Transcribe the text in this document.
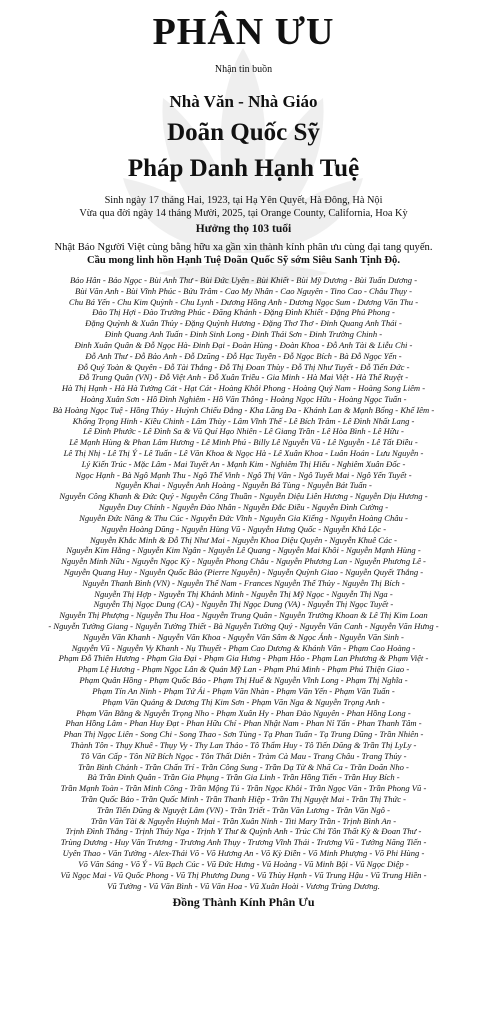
PHÂN ƯU
Nhận tin buồn
Nhà Văn - Nhà Giáo
Doãn Quốc Sỹ
Pháp Danh Hạnh Tuệ
Sinh ngày 17 tháng Hai, 1923, tại Hạ Yên Quyết, Hà Đông, Hà Nội
Vừa qua đời ngày 14 tháng Mười, 2025, tại Orange County, California, Hoa Kỳ
Hưởng thọ 103 tuổi
Nhật Báo Người Việt cùng bằng hữu xa gần xin thành kính phân ưu cùng đại tang quyến.
Cầu mong linh hồn Hạnh Tuệ Doãn Quốc Sỹ sớm Siêu Sanh Tịnh Độ.
Bảo Hân - Bảo Ngọc - Bùi Anh Thư - Bùi Đức Uyên - Bùi Khiết - Bùi Mỹ Dương - Bùi Tuấn Dương -
Bùi Văn Anh - Bùi Vĩnh Phúc - Bửu Trâm - Cao My Nhân - Cao Nguyên - Tino Cao - Châu Thụy -
Chu Bá Yến - Chu Kim Quỳnh - Chu Lynh - Dương Hồng Anh - Dương Ngọc Sum - Dương Văn Thu -
Đào Thị Hợi - Đào Trường Phúc - Đăng Khánh - Đặng Đình Khiết - Đặng Phú Phong -
Đặng Quỳnh & Xuân Thủy - Đặng Quỳnh Hương - Đặng Thơ Thơ - Đinh Quang Anh Thái -
Đinh Quang Anh Tuấn - Đinh Sinh Long - Đinh Thái Sơn - Đinh Trường Chinh -
Đinh Xuân Quân & Đỗ Ngọc Hà- Đinh Đại - Đoàn Hùng - Đoàn Khoa - Đỗ Anh Tài & Liễu Chi -
Đỗ Anh Thư - Đỗ Bảo Anh - Đỗ Dzũng - Đỗ Hạc Tuyền - Đỗ Ngọc Bích - Bà Đỗ Ngọc Yến -
Đỗ Quý Toàn & Quyên - Đỗ Tài Thắng - Đỗ Thị Đoan Thùy - Đỗ Thị Như Tuyết - Đỗ Tiến Đức -
Đỗ Trung Quân (VN) - Đỗ Việt Anh - Đỗ Xuân Triều - Gia Minh - Hà Mai Việt - Hà Thế Ruyệt -
Hà Thị Hạnh - Hà Hà Tường Cát - Hạt Cát - Hoàng Khôi Phong - Hoàng Quý Nam - Hoàng Song Liêm -
Hoàng Xuân Sơn - Hồ Đình Nghiêm - Hồ Văn Thông - Hoàng Ngọc Hữu - Hoàng Ngọc Tuấn -
Bà Hoàng Ngọc Tuệ - Hồng Thủy - Huỳnh Chiếu Đẳng - Kha Lăng Đa - Khánh Lan & Mạnh Bổng - Khế Iêm -
Khổng Trọng Hinh - Kiều Chinh - Lâm Thùy - Lâm Vĩnh Thế - Lê Bích Trâm - Lê Đình Nhất Lang -
Lê Đình Phước - Lê Đình Sa & Vũ Quí Hạo Nhiên - Lê Giang Trần - Lê Hòa Bình - Lê Hữu -
Lê Mạnh Hùng & Phan Lâm Hương - Lê Minh Phú - Billy Lê Nguyễn Vũ - Lê Nguyễn - Lê Tất Điều -
Lê Thị Nhị - Lê Thị Ý - Lê Tuấn - Lê Văn Khoa & Ngọc Hà - Lê Xuân Khoa - Luân Hoán - Lưu Nguyễn -
Lý Kiến Trúc - Mặc Lâm - Mai Tuyết An - Mạnh Kim - Nghiêm Thị Hiếu - Nghiêm Xuân Đốc -
Ngọc Hạnh - Bà Ngô Mạnh Thu - Ngô Thế Vinh - Ngô Thị Vân - Ngô Tuyết Mai - Ngô Yến Tuyết -
Nguyễn Khai - Nguyễn Anh Hoàng - Nguyễn Bá Tùng - Nguyễn Bát Tuấn -
Nguyễn Công Khanh & Đức Quý - Nguyễn Công Thuần - Nguyễn Diệu Liên Hương - Nguyễn Dịu Hương -
Nguyễn Duy Chính - Nguyễn Đào Nhân - Nguyễn Đắc Điều - Nguyễn Đình Cường -
Nguyễn Đức Năng & Thu Cúc - Nguyễn Đức Vĩnh - Nguyễn Gia Kiểng - Nguyễn Hoàng Châu -
Nguyễn Hoàng Dũng - Nguyễn Hùng Vũ - Nguyễn Hưng Quốc - Nguyễn Khả Lộc -
Nguyễn Khắc Minh & Đỗ Thị Như Mai - Nguyễn Khoa Diệu Quyên - Nguyễn Khuê Các -
Nguyễn Kim Hằng - Nguyễn Kim Ngân - Nguyễn Lê Quang - Nguyễn Mai Khôi - Nguyễn Mạnh Hùng -
Nguyễn Minh Nữu - Nguyễn Ngọc Kỳ - Nguyễn Phong Châu - Nguyễn Phương Lan - Nguyễn Phương Lê -
Nguyễn Quang Huy - Nguyễn Quốc Bảo (Pierre Nguyễn) - Nguyễn Quỳnh Giao - Nguyễn Quyết Thắng -
Nguyễn Thanh Bình (VN) - Nguyễn Thế Nam - Frances Nguyễn Thế Thủy - Nguyễn Thị Bích -
Nguyễn Thị Hợp - Nguyễn Thị Khánh Minh - Nguyễn Thị Mỹ Ngọc - Nguyễn Thị Nga -
Nguyễn Thị Ngọc Dung (CA) - Nguyễn Thị Ngọc Dung (VA) - Nguyễn Thị Ngọc Tuyết -
Nguyễn Thị Phượng - Nguyễn Thu Hoa - Nguyễn Trung Quân - Nguyễn Trường Khoan & Lê Thị Kim Loan
- Nguyễn Tường Giang - Nguyễn Tường Thiết - Bà Nguyễn Tường Quý - Nguyễn Văn Canh - Nguyễn Văn Hưng -
Nguyễn Văn Khanh - Nguyễn Văn Khoa - Nguyễn Văn Sâm & Ngọc Ánh - Nguyễn Văn Sinh -
Nguyễn Vũ - Nguyễn Vy Khanh - Nụ Thuyết - Phạm Cao Dương & Khánh Vân - Phạm Cao Hoàng -
Phạm Đỗ Thiên Hương - Phạm Gia Đại - Phạm Gia Hưng - Phạm Hảo - Phạm Lan Phương & Phạm Việt -
Phạm Lệ Hương - Phạm Ngọc Lân & Quản Mỹ Lan - Phạm Phú Minh - Phạm Phú Thiện Giao -
Phạm Quân Hồng - Phạm Quốc Bảo - Phạm Thị Huế & Nguyễn Vĩnh Long - Phạm Thị Nghĩa -
Phạm Tín An Ninh - Phạm Tứ Ái - Phạm Văn Nhàn - Phạm Văn Yến - Phạm Văn Tuấn -
Phạm Văn Quảng & Dương Thị Kim Sơn - Phạm Văn Nga & Nguyễn Trọng Anh -
Phạm Văn Bằng & Nguyễn Trọng Nho - Phạm Xuân Hy - Phan Đào Nguyên - Phan Hồng Long -
Phan Hồng Lâm - Phan Huy Đạt - Phan Hữu Chí - Phan Nhật Nam - Phan Nỉ Tấn - Phan Thanh Tâm -
Phan Thị Ngọc Liên - Song Chi - Song Thao - Sơn Tùng - Tạ Phan Tuấn - Tạ Trung Dũng - Trần Nhiên -
Thành Tôn - Thụy Khuê - Thụy Vy - Thy Lan Thảo - Tô Thẩm Huy - Tô Tiến Dũng & Trần Thị LyLy -
Tô Văn Cấp - Tôn Nữ Bích Ngọc - Tôn Thất Diên - Tràm Cà Mau - Trang Châu - Trang Thủy -
Trần Bình Chánh - Trần Chấn Trí - Trần Công Sung - Trần Dạ Từ & Nhã Ca - Trần Doãn Nho -
Bà Trần Đình Quân - Trần Gia Phụng - Trần Gia Linh - Trần Hồng Tiến - Trần Huy Bích -
Trần Mạnh Toàn - Trần Minh Công - Trần Mộng Tú - Trần Ngọc Khôi - Trần Ngọc Văn - Trần Phong Vũ -
Trần Quốc Bảo - Trần Quốc Minh - Trần Thanh Hiệp - Trần Thị Nguyệt Mai - Trần Thị Thức -
Trần Tiến Dũng & Nguyệt Lâm (VN) - Trần Triết - Trần Văn Lương - Trần Văn Ngô -
Trần Văn Tài & Nguyễn Huỳnh Mai - Trần Xuân Ninh - Titi Mary Trần - Trịnh Bình An -
Trịnh Đình Thắng - Trịnh Thúy Nga - Trịnh Y Thư & Quỳnh Anh - Trúc Chi Tôn Thất Kỳ & Đoan Thư -
Trùng Dương - Huy Văn Trương - Trương Anh Thụy - Trương Vĩnh Thái - Trương Vũ - Tưởng Năng Tiến -
Uyên Thao - Văn Tường - Alex-Thái Võ - Võ Hương An - Võ Kỳ Điền - Võ Minh Phượng - Võ Phi Hùng -
Võ Văn Sáng - Võ Ý - Vũ Bạch Cúc - Vũ Đức Hưng - Vũ Hoàng - Vũ Minh Bội - Vũ Ngọc Diệp -
Vũ Ngọc Mai - Vũ Quốc Phong - Vũ Thị Phương Dung - Vũ Thùy Hạnh - Vũ Trung Hậu - Vũ Trung Hiền -
Vũ Tường - Vũ Văn Bình - Vũ Văn Hoa - Vũ Xuân Hoài - Vương Trùng Dương.
Đồng Thành Kính Phân Ưu
